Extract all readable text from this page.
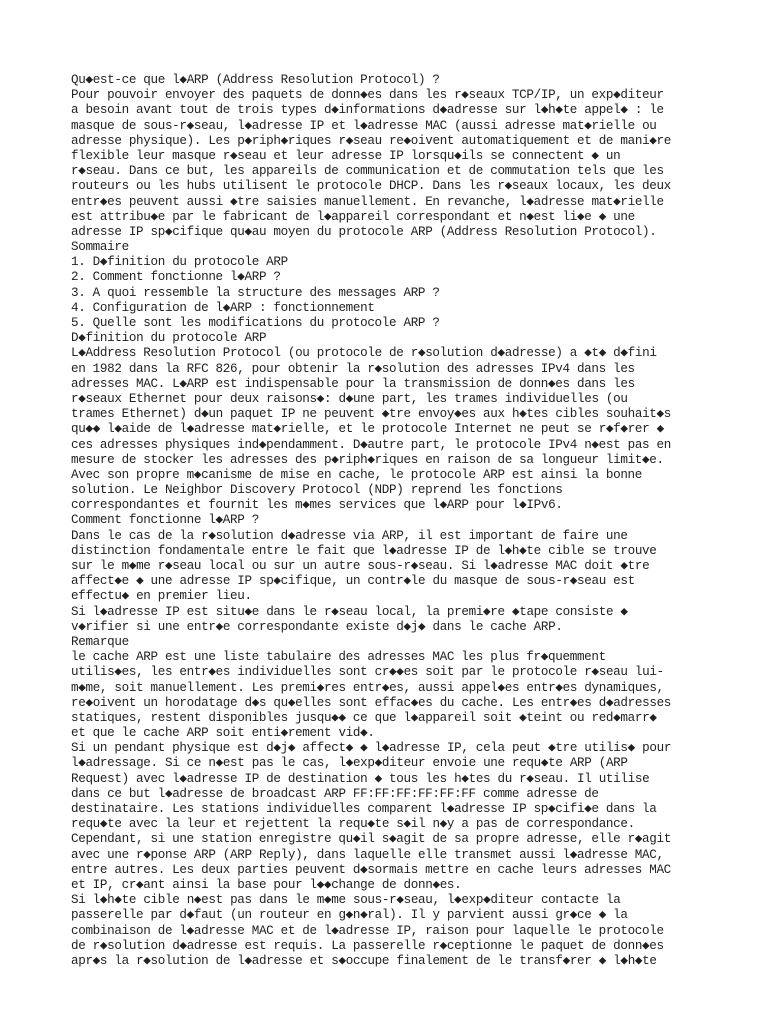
Qu◆est-ce que l◆ARP (Address Resolution Protocol) ?
Pour pouvoir envoyer des paquets de donn◆es dans les r◆seaux TCP/IP, un exp◆diteur
a besoin avant tout de trois types d◆informations d◆adresse sur l◆h◆te appel◆ : le
masque de sous-r◆seau, l◆adresse IP et l◆adresse MAC (aussi adresse mat◆rielle ou
adresse physique). Les p◆riph◆riques r◆seau re◆oivent automatiquement et de mani◆re
flexible leur masque r◆seau et leur adresse IP lorsqu◆ils se connectent ◆ un
r◆seau. Dans ce but, les appareils de communication et de commutation tels que les
routeurs ou les hubs utilisent le protocole DHCP. Dans les r◆seaux locaux, les deux
entr◆es peuvent aussi ◆tre saisies manuellement. En revanche, l◆adresse mat◆rielle
est attribu◆e par le fabricant de l◆appareil correspondant et n◆est li◆e ◆ une
adresse IP sp◆cifique qu◆au moyen du protocole ARP (Address Resolution Protocol).
Sommaire
1. D◆finition du protocole ARP
2. Comment fonctionne l◆ARP ?
3. A quoi ressemble la structure des messages ARP ?
4. Configuration de l◆ARP : fonctionnement
5. Quelle sont les modifications du protocole ARP ?
D◆finition du protocole ARP
L◆Address Resolution Protocol (ou protocole de r◆solution d◆adresse) a ◆t◆ d◆fini
en 1982 dans la RFC 826, pour obtenir la r◆solution des adresses IPv4 dans les
adresses MAC. L◆ARP est indispensable pour la transmission de donn◆es dans les
r◆seaux Ethernet pour deux raisons◆: d◆une part, les trames individuelles (ou
trames Ethernet) d◆un paquet IP ne peuvent ◆tre envoy◆es aux h◆tes cibles souhait◆s
qu◆◆ l◆aide de l◆adresse mat◆rielle, et le protocole Internet ne peut se r◆f◆rer ◆
ces adresses physiques ind◆pendamment. D◆autre part, le protocole IPv4 n◆est pas en
mesure de stocker les adresses des p◆riph◆riques en raison de sa longueur limit◆e.
Avec son propre m◆canisme de mise en cache, le protocole ARP est ainsi la bonne
solution. Le Neighbor Discovery Protocol (NDP) reprend les fonctions
correspondantes et fournit les m◆mes services que l◆ARP pour l◆IPv6.
Comment fonctionne l◆ARP ?
Dans le cas de la r◆solution d◆adresse via ARP, il est important de faire une
distinction fondamentale entre le fait que l◆adresse IP de l◆h◆te cible se trouve
sur le m◆me r◆seau local ou sur un autre sous-r◆seau. Si l◆adresse MAC doit ◆tre
affect◆e ◆ une adresse IP sp◆cifique, un contr◆le du masque de sous-r◆seau est
effectu◆ en premier lieu.
Si l◆adresse IP est situ◆e dans le r◆seau local, la premi◆re ◆tape consiste ◆
v◆rifier si une entr◆e correspondante existe d◆j◆ dans le cache ARP.
Remarque
le cache ARP est une liste tabulaire des adresses MAC les plus fr◆quemment
utilis◆es, les entr◆es individuelles sont cr◆◆es soit par le protocole r◆seau lui-
m◆me, soit manuellement. Les premi◆res entr◆es, aussi appel◆es entr◆es dynamiques,
re◆oivent un horodatage d◆s qu◆elles sont effac◆es du cache. Les entr◆es d◆adresses
statiques, restent disponibles jusqu◆◆ ce que l◆appareil soit ◆teint ou red◆marr◆
et que le cache ARP soit enti◆rement vid◆.
Si un pendant physique est d◆j◆ affect◆ ◆ l◆adresse IP, cela peut ◆tre utilis◆ pour
l◆adressage. Si ce n◆est pas le cas, l◆exp◆diteur envoie une requ◆te ARP (ARP
Request) avec l◆adresse IP de destination ◆ tous les h◆tes du r◆seau. Il utilise
dans ce but l◆adresse de broadcast ARP FF:FF:FF:FF:FF:FF comme adresse de
destinataire. Les stations individuelles comparent l◆adresse IP sp◆cifi◆e dans la
requ◆te avec la leur et rejettent la requ◆te s◆il n◆y a pas de correspondance.
Cependant, si une station enregistre qu◆il s◆agit de sa propre adresse, elle r◆agit
avec une r◆ponse ARP (ARP Reply), dans laquelle elle transmet aussi l◆adresse MAC,
entre autres. Les deux parties peuvent d◆sormais mettre en cache leurs adresses MAC
et IP, cr◆ant ainsi la base pour l◆◆change de donn◆es.
Si l◆h◆te cible n◆est pas dans le m◆me sous-r◆seau, l◆exp◆diteur contacte la
passerelle par d◆faut (un routeur en g◆n◆ral). Il y parvient aussi gr◆ce ◆ la
combinaison de l◆adresse MAC et de l◆adresse IP, raison pour laquelle le protocole
de r◆solution d◆adresse est requis. La passerelle r◆ceptionne le paquet de donn◆es
apr◆s la r◆solution de l◆adresse et s◆occupe finalement de le transf◆rer ◆ l◆h◆te
